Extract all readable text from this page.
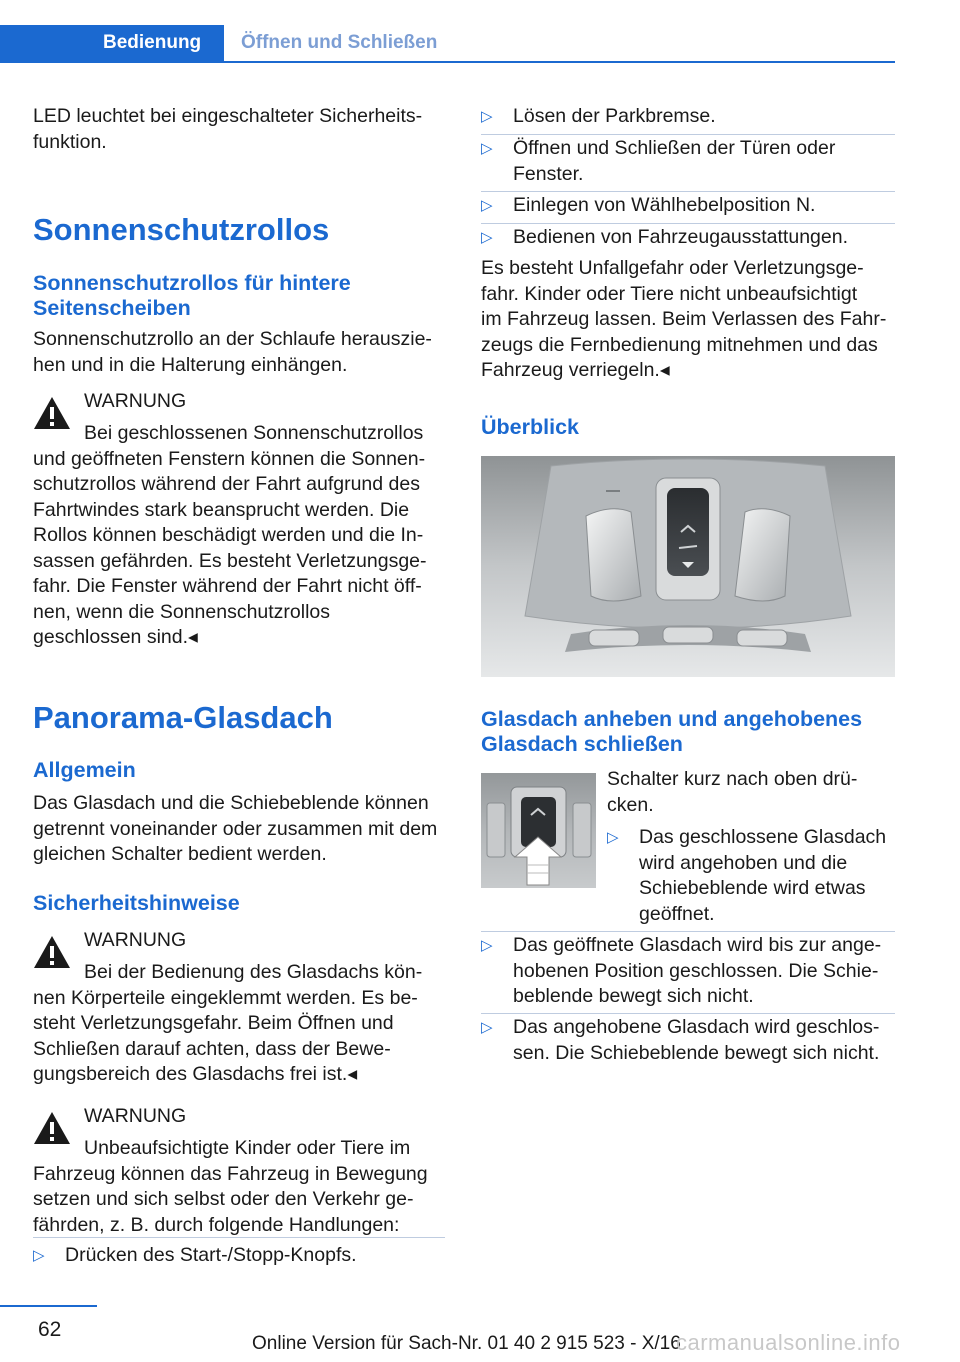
Bedienung	Öffnen und Schließen
LED leuchtet bei eingeschalteter Sicherheits-
funktion.
Sonnenschutzrollos
Sonnenschutzrollos für hintere
Seitenscheiben
Sonnenschutzrollo an der Schlaufe herauszie-
hen und in die Halterung einhängen.
WARNUNG
Bei geschlossenen Sonnenschutzrollos
und geöffneten Fenstern können die Sonnen-
schutzrollos während der Fahrt aufgrund des
Fahrtwindes stark beansprucht werden. Die
Rollos können beschädigt werden und die In-
sassen gefährden. Es besteht Verletzungsge-
fahr. Die Fenster während der Fahrt nicht öff-
nen, wenn die Sonnenschutzrollos
geschlossen sind.◂
Panorama-Glasdach
Allgemein
Das Glasdach und die Schiebeblende können
getrennt voneinander oder zusammen mit dem
gleichen Schalter bedient werden.
Sicherheitshinweise
WARNUNG
Bei der Bedienung des Glasdachs kön-
nen Körperteile eingeklemmt werden. Es be-
steht Verletzungsgefahr. Beim Öffnen und
Schließen darauf achten, dass der Bewe-
gungsbereich des Glasdachs frei ist.◂
WARNUNG
Unbeaufsichtigte Kinder oder Tiere im
Fahrzeug können das Fahrzeug in Bewegung
setzen und sich selbst oder den Verkehr ge-
fährden, z. B. durch folgende Handlungen:
▷	Drücken des Start-/Stopp-Knopfs.
▷	Lösen der Parkbremse.
▷	Öffnen und Schließen der Türen oder
Fenster.
▷	Einlegen von Wählhebelposition N.
▷	Bedienen von Fahrzeugausstattungen.
Es besteht Unfallgefahr oder Verletzungsge-
fahr. Kinder oder Tiere nicht unbeaufsichtigt
im Fahrzeug lassen. Beim Verlassen des Fahr-
zeugs die Fernbedienung mitnehmen und das
Fahrzeug verriegeln.◂
Überblick
Glasdach anheben und angehobenes
Glasdach schließen
Schalter kurz nach oben drü-
cken.
▷	Das geschlossene Glasdach
wird angehoben und die
Schiebeblende wird etwas
geöffnet.
▷	Das geöffnete Glasdach wird bis zur ange-
hobenen Position geschlossen. Die Schie-
beblende bewegt sich nicht.
▷	Das angehobene Glasdach wird geschlos-
sen. Die Schiebeblende bewegt sich nicht.
62
Online Version für Sach-Nr. 01 40 2 915 523 - X/16
carmanualsonline.info
